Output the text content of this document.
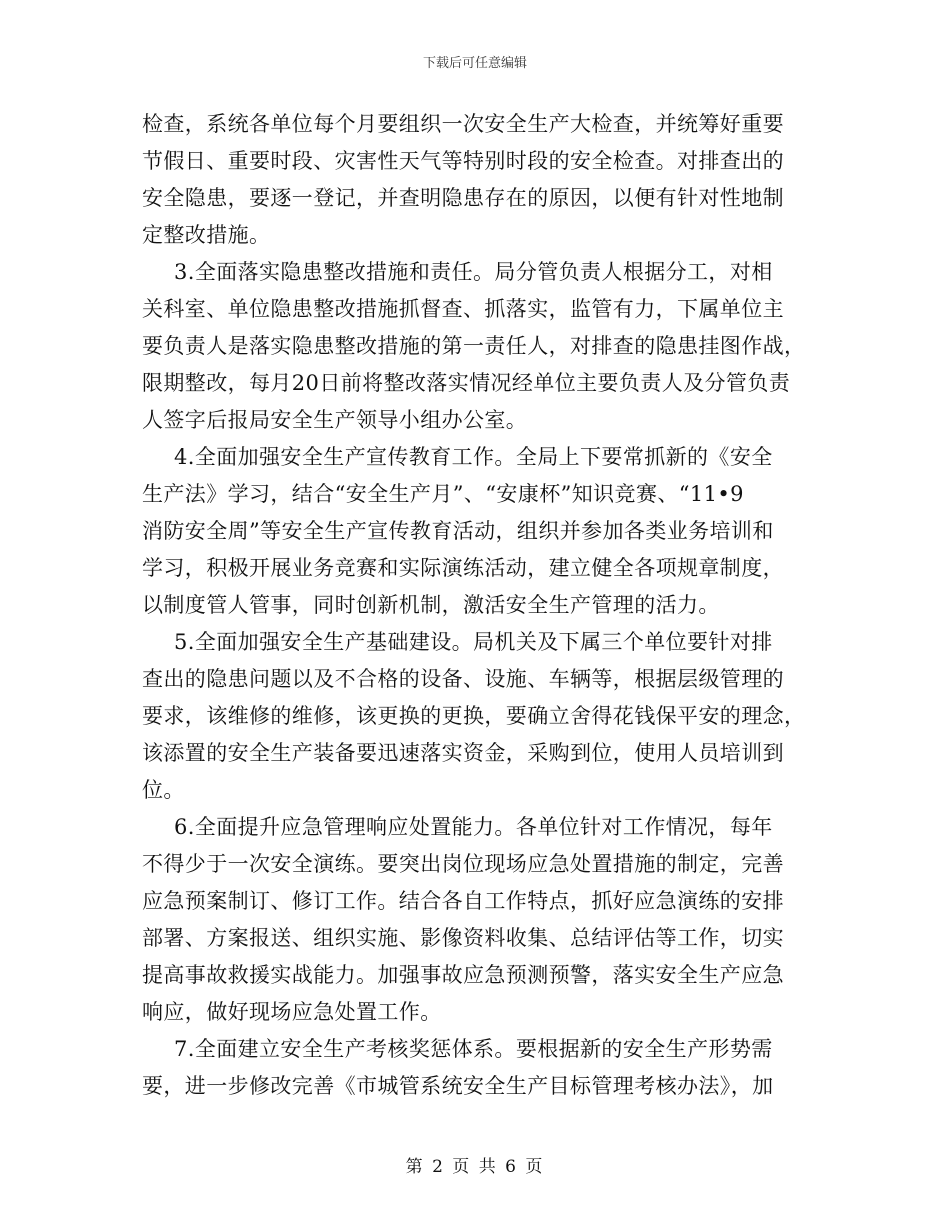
下载后可任意编辑
检查，系统各单位每个月要组织一次安全生产大检查，并统筹好重要
节假日、重要时段、灾害性天气等特别时段的安全检查。对排查出的
安全隐患，要逐一登记，并查明隐患存在的原因，以便有针对性地制
定整改措施。
3.全面落实隐患整改措施和责任。局分管负责人根据分工，对相
关科室、单位隐患整改措施抓督查、抓落实，监管有力，下属单位主
要负责人是落实隐患整改措施的第一责任人，对排查的隐患挂图作战，
限期整改，每月20日前将整改落实情况经单位主要负责人及分管负责
人签字后报局安全生产领导小组办公室。
4.全面加强安全生产宣传教育工作。全局上下要常抓新的《安全
生产法》学习，结合“安全生产月”、“安康杯”知识竞赛、“11•9
消防安全周”等安全生产宣传教育活动，组织并参加各类业务培训和
学习，积极开展业务竞赛和实际演练活动，建立健全各项规章制度，
以制度管人管事，同时创新机制，激活安全生产管理的活力。
5.全面加强安全生产基础建设。局机关及下属三个单位要针对排
查出的隐患问题以及不合格的设备、设施、车辆等，根据层级管理的
要求，该维修的维修，该更换的更换，要确立舍得花钱保平安的理念，
该添置的安全生产装备要迅速落实资金，采购到位，使用人员培训到
位。
6.全面提升应急管理响应处置能力。各单位针对工作情况，每年
不得少于一次安全演练。要突出岗位现场应急处置措施的制定，完善
应急预案制订、修订工作。结合各自工作特点，抓好应急演练的安排
部署、方案报送、组织实施、影像资料收集、总结评估等工作，切实
提高事故救援实战能力。加强事故应急预测预警，落实安全生产应急
响应，做好现场应急处置工作。
7.全面建立安全生产考核奖惩体系。要根据新的安全生产形势需
要，进一步修改完善《市城管系统安全生产目标管理考核办法》，加
第 2 页 共 6 页
